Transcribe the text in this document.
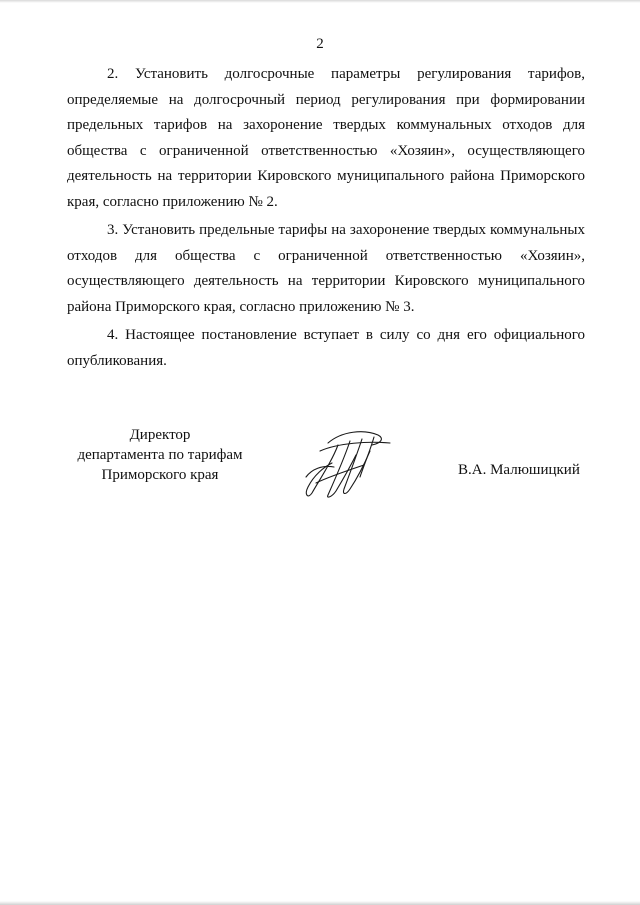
2

2. Установить долгосрочные параметры регулирования тарифов, определяемые на долгосрочный период регулирования при формировании предельных тарифов на захоронение твердых коммунальных отходов для общества с ограниченной ответственностью «Хозяин», осуществляющего деятельность на территории Кировского муниципального района Приморского края, согласно приложению № 2.

3. Установить предельные тарифы на захоронение твердых коммунальных отходов для общества с ограниченной ответственностью «Хозяин», осуществляющего деятельность на территории Кировского муниципального района Приморского края, согласно приложению № 3.

4. Настоящее постановление вступает в силу со дня его официального опубликования.

Директор
департамента по тарифам
Приморского края	В.А. Малюшицкий
